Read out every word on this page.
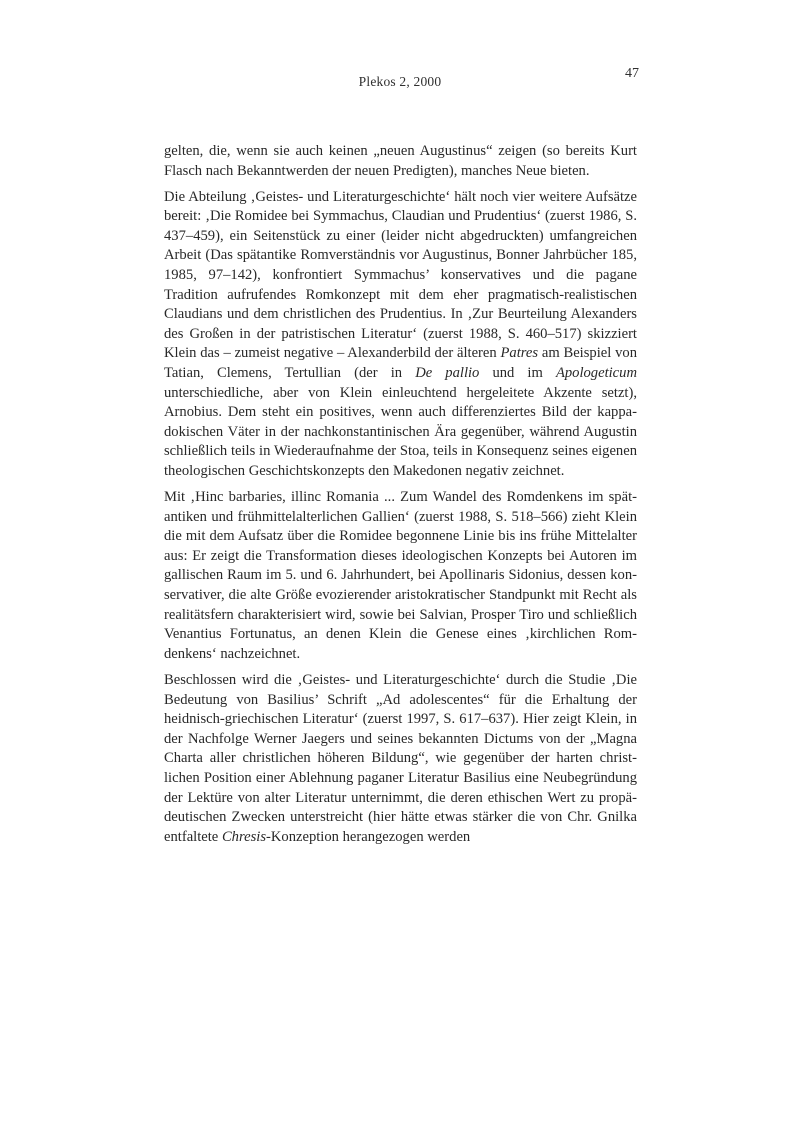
Plekos 2, 2000
47

gelten, die, wenn sie auch keinen „neuen Augustinus“ zeigen (so bereits Kurt Flasch nach Bekanntwerden der neuen Predigten), manches Neue bieten.

Die Abteilung ‚Geistes- und Literaturgeschichte‘ hält noch vier weitere Aufsätze bereit: ‚Die Romidee bei Symmachus, Claudian und Prudentius‘ (zuerst 1986, S. 437–459), ein Seitenstück zu einer (leider nicht abgedruckten) umfangreichen Arbeit (Das spätantike Romverständnis vor Augustinus, Bonner Jahrbücher 185, 1985, 97–142), konfrontiert Symmachus’ konservatives und die pagane Tradition aufrufendes Romkonzept mit dem eher pragmatisch-realistischen Claudians und dem christlichen des Prudentius. In ‚Zur Beurteilung Alexanders des Großen in der patristischen Literatur‘ (zuerst 1988, S. 460–517) skizziert Klein das – zumeist negative – Alexanderbild der älteren Patres am Beispiel von Tatian, Clemens, Tertullian (der in De pallio und im Apologeticum unterschiedliche, aber von Klein einleuchtend hergeleitete Akzente setzt), Arnobius. Dem steht ein positives, wenn auch differenziertes Bild der kappadokischen Väter in der nachkonstantinischen Ära gegenüber, während Augustin schließlich teils in Wiederaufnahme der Stoa, teils in Konsequenz seines eigenen theologischen Geschichtskonzepts den Makedonen negativ zeichnet.

Mit ‚Hinc barbaries, illinc Romania ... Zum Wandel des Romdenkens im spätantiken und frühmittelalterlichen Gallien‘ (zuerst 1988, S. 518–566) zieht Klein die mit dem Aufsatz über die Romidee begonnene Linie bis ins frühe Mittelalter aus: Er zeigt die Transformation dieses ideologischen Konzepts bei Autoren im gallischen Raum im 5. und 6. Jahrhundert, bei Apollinaris Sidonius, dessen konservativer, die alte Größe evozierender aristokratischer Standpunkt mit Recht als realitätsfern charakterisiert wird, sowie bei Salvian, Prosper Tiro und schließlich Venantius Fortunatus, an denen Klein die Genese eines ‚kirchlichen Romdenkens‘ nachzeichnet.

Beschlossen wird die ‚Geistes- und Literaturgeschichte‘ durch die Studie ‚Die Bedeutung von Basilius’ Schrift „Ad adolescentes“ für die Erhaltung der heidnisch-griechischen Literatur‘ (zuerst 1997, S. 617–637). Hier zeigt Klein, in der Nachfolge Werner Jaegers und seines bekannten Dictums von der „Magna Charta aller christlichen höheren Bildung“, wie gegenüber der harten christlichen Position einer Ablehnung paganer Literatur Basilius eine Neubegründung der Lektüre von alter Literatur unternimmt, die deren ethischen Wert zu propädeutischen Zwecken unterstreicht (hier hätte etwas stärker die von Chr. Gnilka entfaltete Chresis-Konzeption herangezogen werden
